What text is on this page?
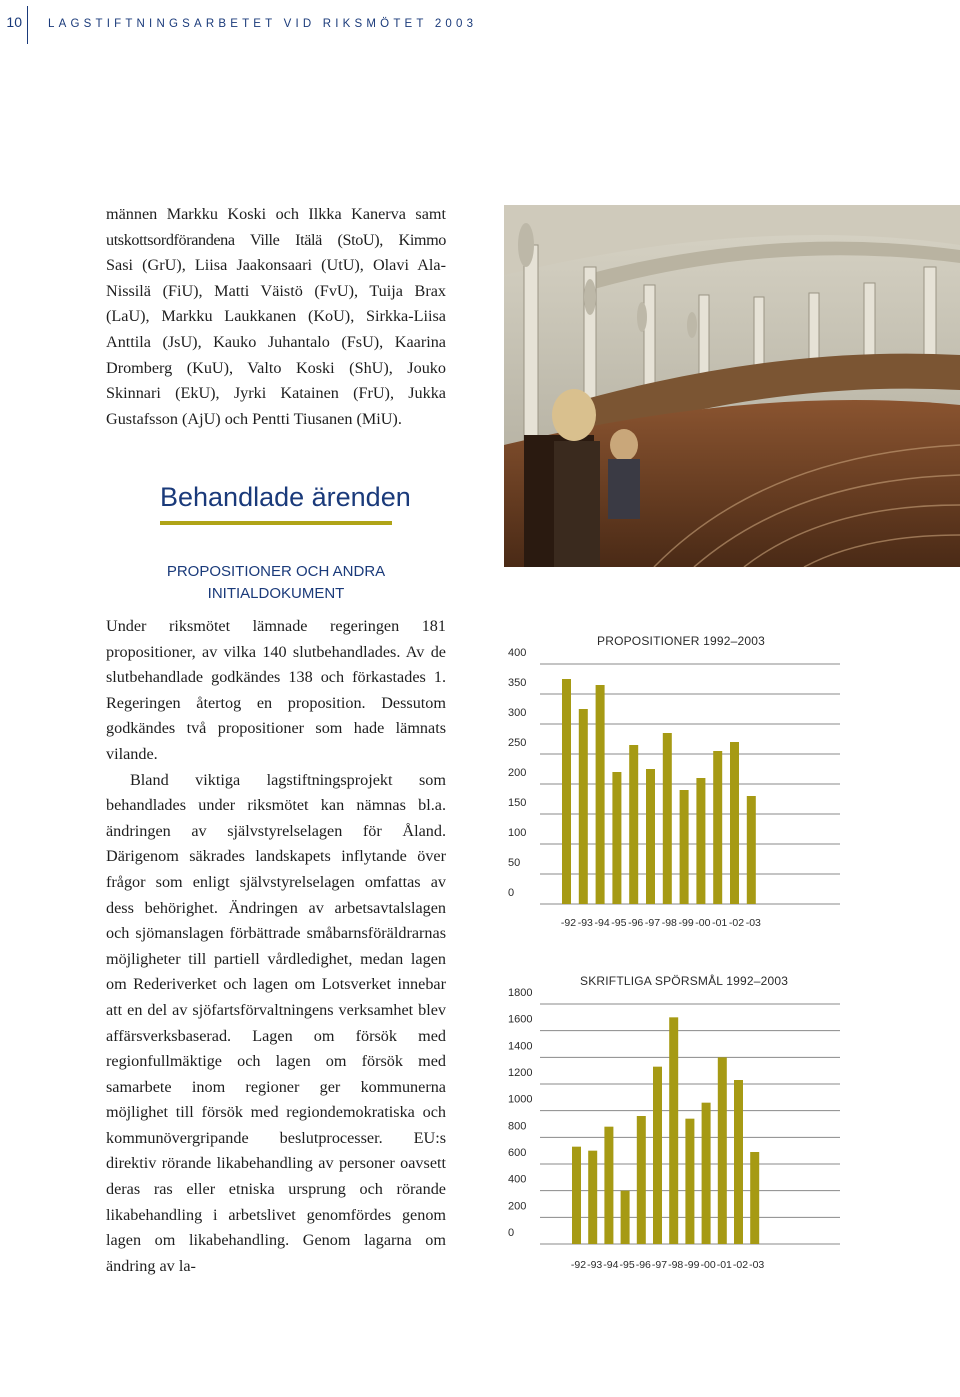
10 LAGSTIFTNINGSARBETET VID RIKSMÖTET 2003
männen Markku Koski och Ilkka Kanerva samt
utskottsordförandena Ville Itälä (StoU), Kimmo
Sasi (GrU), Liisa Jaakonsaari (UtU), Olavi Ala-
Nissilä (FiU), Matti Väistö (FvU), Tuija Brax
(LaU), Markku Laukkanen (KoU), Sirkka-Liisa
Anttila (JsU), Kauko Juhantalo (FsU), Kaarina
Dromberg (KuU), Valto Koski (ShU), Jouko
Skinnari (EkU), Jyrki Katainen (FrU), Jukka
Gustafsson (AjU) och Pentti Tiusanen (MiU).
Behandlade ärenden
PROPOSITIONER OCH ANDRA INITIALDOKUMENT

Under riksmötet lämnade regeringen 181 propositioner, av vilka 140 slutbehandlades. Av de slutbehandlade godkändes 138 och förkastades 1. Regeringen återtog en proposition. Dessutom godkändes två propositioner som hade lämnats vilande.

Bland viktiga lagstiftningsprojekt som behandlades under riksmötet kan nämnas bl.a. ändringen av självstyrelselagen för Åland. Därigenom säkrades landskapets inflytande över frågor som enligt självstyrelselagen omfattas av dess behörighet. Ändringen av arbetsavtalslagen och sjömanslagen förbättrade småbarnsföräldrarnas möjligheter till partiell vårdledighet, medan lagen om Rederiverket och lagen om Lotsverket innebar att en del av sjöfartsförvaltningens verksamhet blev affärsverksbaserad. Lagen om försök med regionfullmäktige och lagen om försök med samarbete inom regioner ger kommunerna möjlighet till försök med regiondemokratiska och kommunövergripande beslutprocesser. EU:s direktiv rörande likabehandling av personer oavsett deras ras eller etniska ursprung och rörande likabehandling i arbetslivet genomfördes genom lagen om likabehandling. Genom lagarna om ändring av la-

PROPOSITIONER 1992–2003
400
350
300
250
200
150
100
50
0
-92 -93 -94 -95 -96 -97 -98 -99 -00 -01 -02 -03
SKRIFTLIGA SPÖRSMÅL 1992–2003
1800
1600
1400
1200
1000
800
600
400
200
0
-92 -93 -94 -95 -96 -97 -98 -99 -00 -01 -02 -03
